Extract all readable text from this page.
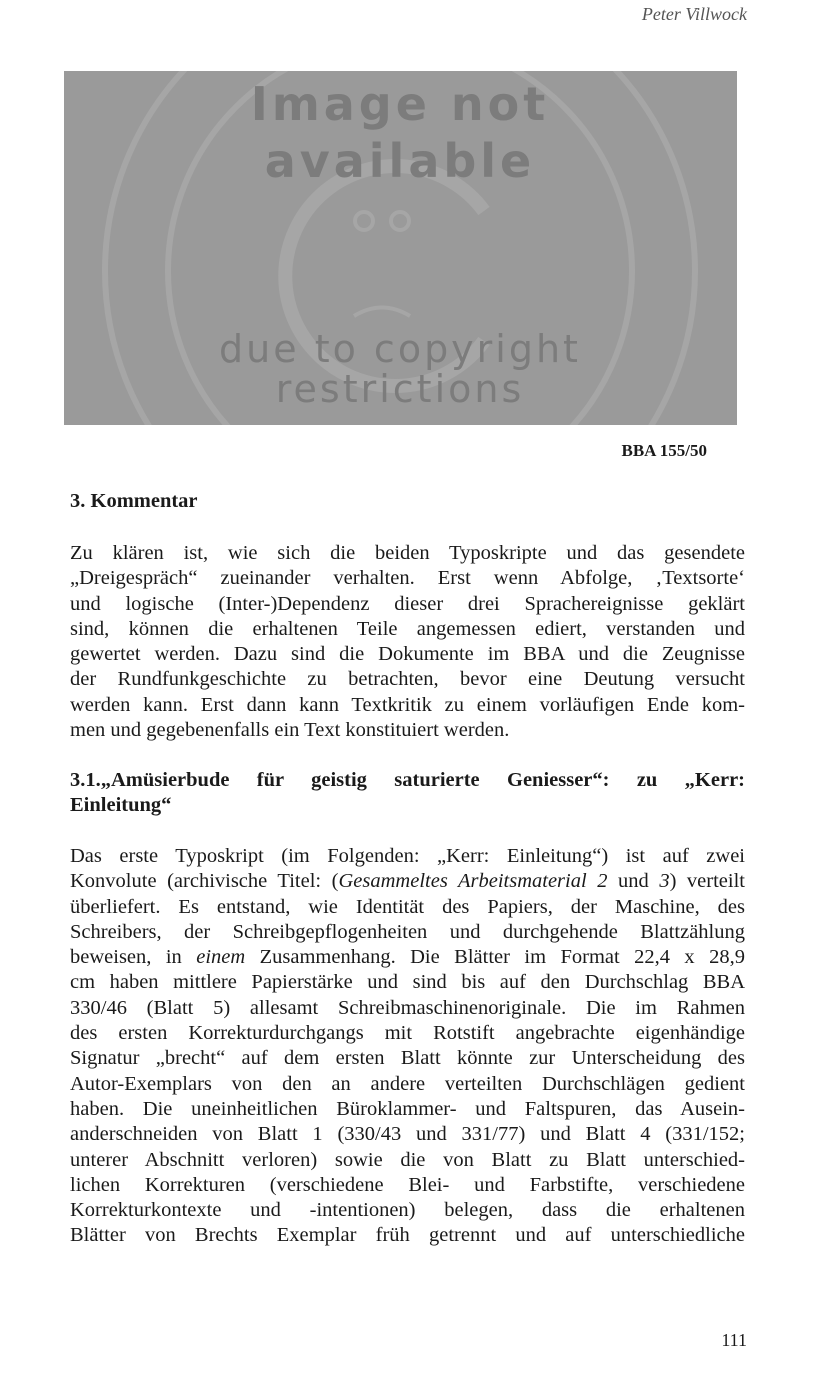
Peter Villwock
Image not
available
due to copyright
restrictions
BBA 155/50
3. Kommentar
Zu klären ist, wie sich die beiden Typoskripte und das gesendete
„Dreigespräch“ zueinander verhalten. Erst wenn Abfolge, ‚Textsorte‘
und logische (Inter-)Dependenz dieser drei Sprachereignisse geklärt
sind, können die erhaltenen Teile angemessen ediert, verstanden und
gewertet werden. Dazu sind die Dokumente im BBA und die Zeugnisse
der Rundfunkgeschichte zu betrachten, bevor eine Deutung versucht
werden kann. Erst dann kann Textkritik zu einem vorläufigen Ende kom-
men und gegebenenfalls ein Text konstituiert werden.
3.1.„Amüsierbude für geistig saturierte Geniesser“: zu „Kerr:
Einleitung“
Das erste Typoskript (im Folgenden: „Kerr: Einleitung“) ist auf zwei
Konvolute (archivische Titel: (Gesammeltes Arbeitsmaterial 2 und 3) verteilt
überliefert. Es entstand, wie Identität des Papiers, der Maschine, des
Schreibers, der Schreibgepflogenheiten und durchgehende Blattzählung
beweisen, in einem Zusammenhang. Die Blätter im Format 22,4 x 28,9
cm haben mittlere Papierstärke und sind bis auf den Durchschlag BBA
330/46 (Blatt 5) allesamt Schreibmaschinenoriginale. Die im Rahmen
des ersten Korrekturdurchgangs mit Rotstift angebrachte eigenhändige
Signatur „brecht“ auf dem ersten Blatt könnte zur Unterscheidung des
Autor-Exemplars von den an andere verteilten Durchschlägen gedient
haben. Die uneinheitlichen Büroklammer- und Faltspuren, das Ausein-
anderschneiden von Blatt 1 (330/43 und 331/77) und Blatt 4 (331/152;
unterer Abschnitt verloren) sowie die von Blatt zu Blatt unterschied-
lichen Korrekturen (verschiedene Blei- und Farbstifte, verschiedene
Korrekturkontexte und -intentionen) belegen, dass die erhaltenen
Blätter von Brechts Exemplar früh getrennt und auf unterschiedliche
111
